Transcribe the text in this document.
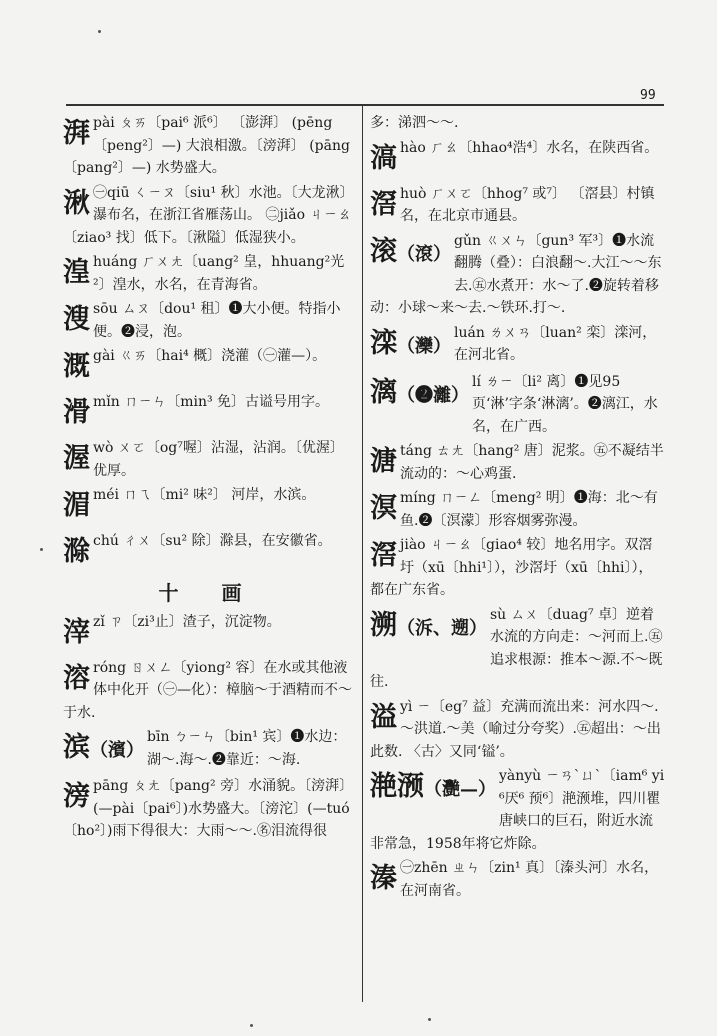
99
湃pài ㄆㄞ〔pai⁶ 派⁶〕 〔澎湃〕 (pēng〔peng²〕—) 大浪相激。〔滂湃〕 (pāng〔pang²〕—) 水势盛大。
湫 ㊀qiū ㄑㄧㄡ〔siu¹ 秋〕水池。〔大龙湫〕瀑布名，在浙江省雁荡山。 ㊁jiǎo ㄐㄧㄠ〔ziao³ 找〕低下。〔湫隘〕低湿狭小。
湟huáng ㄏㄨㄤ〔uang² 皇，hhuang²光²〕湟水，水名，在青海省。
溲sōu ㄙㄡ〔dou¹ 租〕❶大小便。特指小便。❷浸，泡。
溉gài ㄍㄞ〔hai⁴ 概〕浇灌（㊀灌—）。
滑mǐn ㄇㄧㄣ〔min³ 免〕古谥号用字。
渥wò ㄨㄛ〔og⁷喔〕沾湿，沾润。〔优渥〕优厚。
湄méi ㄇㄟ〔mi² 味²〕 河岸，水滨。
滁chú ㄔㄨ〔su² 除〕滁县，在安徽省。
十 画
滓zǐ ㄗ〔zi³止〕渣子，沉淀物。
溶róng ㄖㄨㄥ〔yiong² 容〕在水或其他液体中化开（㊀—化）：樟脑～于酒精而不～于水.
滨（濱）
bīn ㄅㄧㄣ〔bin¹ 宾〕❶水边：湖～.海～.❷靠近：～海.
滂pāng ㄆㄤ〔pang² 旁〕水涌貌。〔滂湃〕(—pài〔pai⁶〕)水势盛大。〔滂沱〕(—tuó〔ho²〕)雨下得很大：大雨～～.㊔泪流得很
多：涕泗～～.
滈hào ㄏㄠ〔hhao⁴浩⁴〕水名，在陕西省。
滘huò ㄏㄨㄛ〔hhog⁷ 或⁷〕 〔滘县〕村镇名，在北京市通县。
滚（滾）
gǔn ㄍㄨㄣ〔gun³ 军³〕❶水流翻腾（叠）：白浪翻～.大江～～东去.㊄水煮开：水～了.❷旋转着移动：小球～来～去.～铁环.打～.
滦（灤）
luán ㄌㄨㄢ〔luan² 栾〕滦河，在河北省。
漓（❷灕）
lí ㄌㄧ〔li² 离〕❶见95页‘淋’字条‘淋漓’。❷漓江，水名，在广西。
溏táng ㄊㄤ〔hang² 唐〕泥浆。㊄不凝结半流动的：～心鸡蛋.
溟míng ㄇㄧㄥ〔meng² 明〕❶海：北～有鱼.❷〔溟濛〕形容烟雾弥漫。
滘jiào ㄐㄧㄠ〔giao⁴ 较〕地名用字。双滘圩（xū〔hhi¹〕），沙滘圩（xū〔hhi〕），都在广东省。
溯（泝、遡）
sù ㄙㄨ〔duag⁷ 卓〕逆着水流的方向走：～河而上.㊄追求根源：推本～源.不～既往.
溢yì ㄧ〔eg⁷ 益〕充满而流出来：河水四～.～洪道.～美（喻过分夸奖）.㊄超出：～出此数. 〈古〉又同‘镒’。
滟滪（灧—）
yànyù ㄧㄢˋㄩˋ〔iam⁶ yi⁶厌⁶ 预⁶〕滟滪堆，四川瞿唐峡口的巨石，附近水流非常急，1958年将它炸除。
溱 ㊀zhēn ㄓㄣ〔zin¹ 真〕〔溱头河〕水名，在河南省。
